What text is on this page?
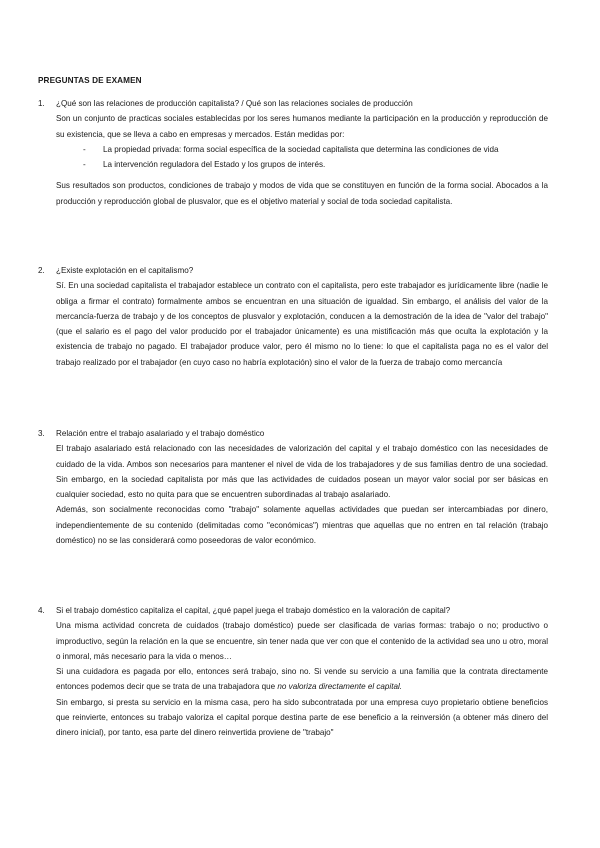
PREGUNTAS DE EXAMEN
1.	¿Qué son las relaciones de producción capitalista? / Qué son las relaciones sociales de producción

Son un conjunto de practicas sociales establecidas por los seres humanos mediante la participación en la producción y reproducción de su existencia, que se lleva a cabo en empresas y mercados. Están medidas por:

- La propiedad privada: forma social específica de la sociedad capitalista que determina las condiciones de vida
- La intervención reguladora del Estado y los grupos de interés.

Sus resultados son productos, condiciones de trabajo y modos de vida que se constituyen en función de la forma social. Abocados a la producción y reproducción global de plusvalor, que es el objetivo material y social de toda sociedad capitalista.

2.	¿Existe explotación en el capitalismo?

Sí. En una sociedad capitalista el trabajador establece un contrato con el capitalista, pero este trabajador es jurídicamente libre (nadie le obliga a firmar el contrato) formalmente ambos se encuentran en una situación de igualdad. Sin embargo, el análisis del valor de la mercancía-fuerza de trabajo y de los conceptos de plusvalor y explotación, conducen a la demostración de la idea de "valor del trabajo" (que el salario es el pago del valor producido por el trabajador únicamente) es una mistificación más que oculta la explotación y la existencia de trabajo no pagado. El trabajador produce valor, pero él mismo no lo tiene: lo que el capitalista paga no es el valor del trabajo realizado por el trabajador (en cuyo caso no habría explotación) sino el valor de la fuerza de trabajo como mercancía

3.	Relación entre el trabajo asalariado y el trabajo doméstico

El trabajo asalariado está relacionado con las necesidades de valorización del capital y el trabajo doméstico con las necesidades de cuidado de la vida. Ambos son necesarios para mantener el nivel de vida de los trabajadores y de sus familias dentro de una sociedad. Sin embargo, en la sociedad capitalista por más que las actividades de cuidados posean un mayor valor social por ser básicas en cualquier sociedad, esto no quita para que se encuentren subordinadas al trabajo asalariado.

Además, son socialmente reconocidas como "trabajo" solamente aquellas actividades que puedan ser intercambiadas por dinero, independientemente de su contenido (delimitadas como "económicas") mientras que aquellas que no entren en tal relación (trabajo doméstico) no se las considerará como poseedoras de valor económico.

4.	Si el trabajo doméstico capitaliza el capital, ¿qué papel juega el trabajo doméstico en la valoración de capital?

Una misma actividad concreta de cuidados (trabajo doméstico) puede ser clasificada de varias formas: trabajo o no; productivo o improductivo, según la relación en la que se encuentre, sin tener nada que ver con que el contenido de la actividad sea uno u otro, moral o inmoral, más necesario para la vida o menos…

Si una cuidadora es pagada por ello, entonces será trabajo, sino no. Si vende su servicio a una familia que la contrata directamente entonces podemos decir que se trata de una trabajadora que no valoriza directamente el capital.

Sin embargo, si presta su servicio en la misma casa, pero ha sido subcontratada por una empresa cuyo propietario obtiene beneficios que reinvierte, entonces su trabajo valoriza el capital porque destina parte de ese beneficio a la reinversión (a obtener más dinero del dinero inicial), por tanto, esa parte del dinero reinvertida proviene de "trabajo"
